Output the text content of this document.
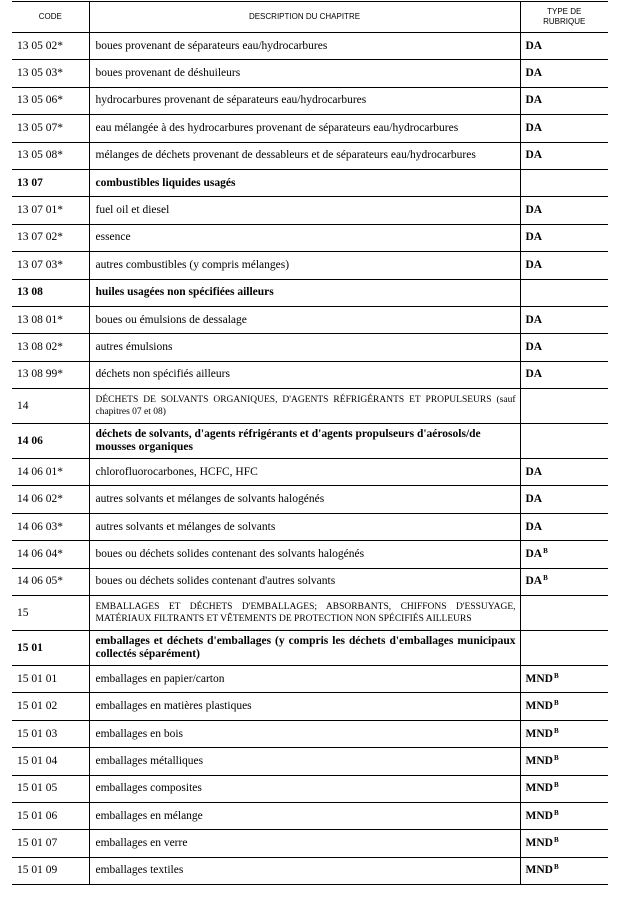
CODE	DESCRIPTION DU CHAPITRE	TYPE DE
RUBRIQUE
13 05 02*	boues provenant de séparateurs eau/hydrocarbures	DA
13 05 03*	boues provenant de déshuileurs	DA
13 05 06*	hydrocarbures provenant de séparateurs eau/hydrocarbures	DA
13 05 07*	eau mélangée à des hydrocarbures provenant de séparateurs eau/hydrocarbures	DA
13 05 08*	mélanges de déchets provenant de dessableurs et de séparateurs eau/hydrocarbures	DA
13 07	combustibles liquides usagés	
13 07 01*	fuel oil et diesel	DA
13 07 02*	essence	DA
13 07 03*	autres combustibles (y compris mélanges)	DA
13 08	huiles usagées non spécifiées ailleurs	
13 08 01*	boues ou émulsions de dessalage	DA
13 08 02*	autres émulsions	DA
13 08 99*	déchets non spécifiés ailleurs	DA
14	DÉCHETS DE SOLVANTS ORGANIQUES, D'AGENTS RÉFRIGÉRANTS ET PROPULSEURS (sauf chapitres 07 et 08)	
14 06	déchets de solvants, d'agents réfrigérants et d'agents propulseurs d'aérosols/de mousses organiques	
14 06 01*	chlorofluorocarbones, HCFC, HFC	DA
14 06 02*	autres solvants et mélanges de solvants halogénés	DA
14 06 03*	autres solvants et mélanges de solvants	DA
14 06 04*	boues ou déchets solides contenant des solvants halogénés	$DA^B$
14 06 05*	boues ou déchets solides contenant d'autres solvants	$DA^B$
15	EMBALLAGES ET DÉCHETS D'EMBALLAGES; ABSORBANTS, CHIFFONS D'ESSUYAGE, MATÉRIAUX FILTRANTS ET VÊTEMENTS DE PROTECTION NON SPÉCIFIÉS AILLEURS	
15 01	emballages et déchets d'emballages (y compris les déchets d'emballages municipaux collectés séparément)	
15 01 01	emballages en papier/carton	$MND^B$
15 01 02	emballages en matières plastiques	$MND^B$
15 01 03	emballages en bois	$MND^B$
15 01 04	emballages métalliques	$MND^B$
15 01 05	emballages composites	$MND^B$
15 01 06	emballages en mélange	$MND^B$
15 01 07	emballages en verre	$MND^B$
15 01 09	emballages textiles	$MND^B$
